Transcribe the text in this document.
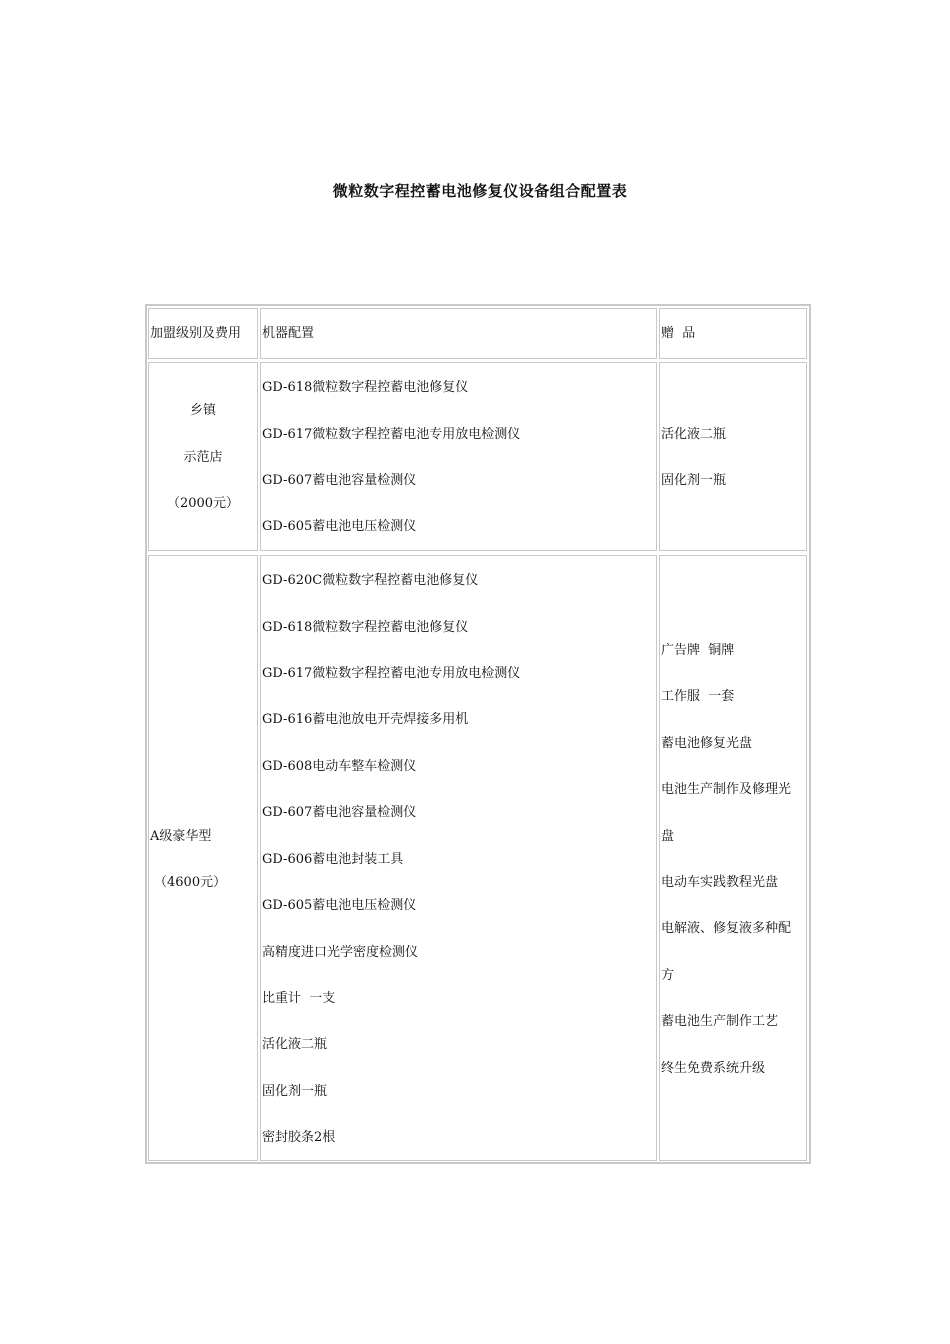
微粒数字程控蓄电池修复仪设备组合配置表
加盟级别及费用 机器配置	赠  品
乡镇
示范店
（2000元）
GD-618微粒数字程控蓄电池修复仪
GD-617微粒数字程控蓄电池专用放电检测仪
GD-607蓄电池容量检测仪
GD-605蓄电池电压检测仪
活化液二瓶
固化剂一瓶
A级豪华型
（4600元）
GD-620C微粒数字程控蓄电池修复仪
GD-618微粒数字程控蓄电池修复仪
GD-617微粒数字程控蓄电池专用放电检测仪
GD-616蓄电池放电开壳焊接多用机
GD-608电动车整车检测仪
GD-607蓄电池容量检测仪
GD-606蓄电池封装工具
GD-605蓄电池电压检测仪
高精度进口光学密度检测仪
比重计  一支
活化液二瓶
固化剂一瓶
密封胶条2根
广告牌  铜牌
工作服  一套
蓄电池修复光盘
电池生产制作及修理光
盘
电动车实践教程光盘
电解液、修复液多种配
方
蓄电池生产制作工艺
终生免费系统升级
